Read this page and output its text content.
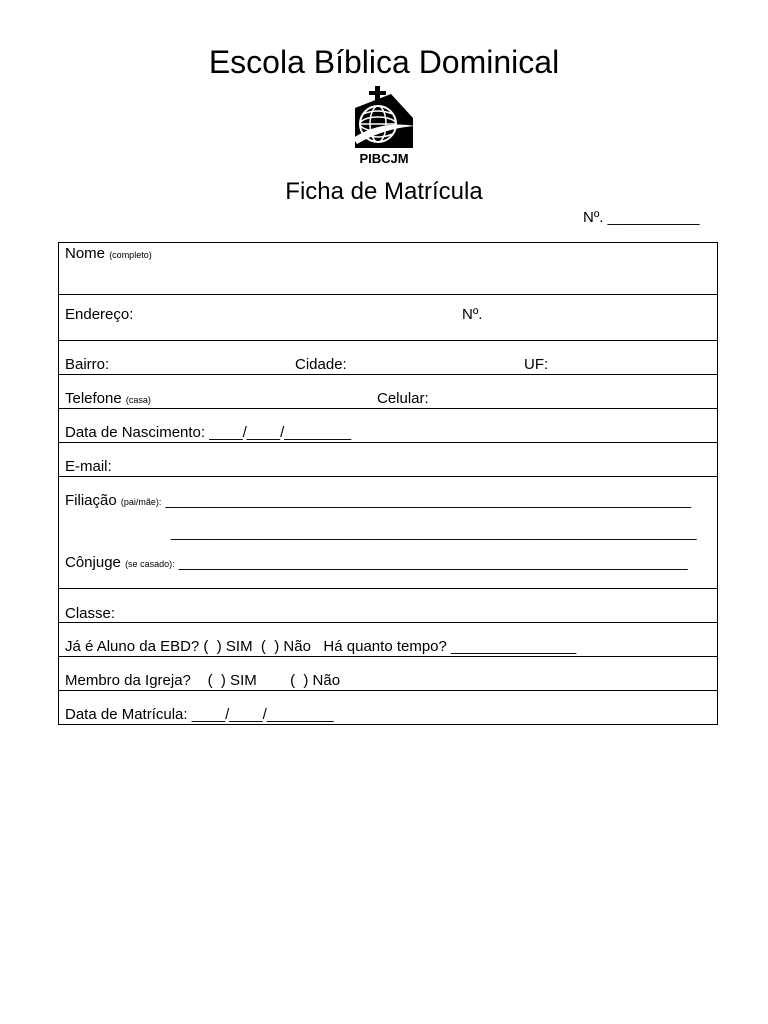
Escola Bíblica Dominical
PIBCJM
Ficha de Matrícula
Nº. ___________
Nome (completo)
Endereço:	Nº.
Bairro:	Cidade:	UF:
Telefone (casa)	Celular:
Data de Nascimento: ____/____/________
E-mail:
Filiação (pai/mãe): _______________________________________________________________
_______________________________________________________________
Cônjuge (se casado): _____________________________________________________________
Classe:
Já é Aluno da EBD? (  ) SIM  (  ) Não   Há quanto tempo? _______________
Membro da Igreja?    (  ) SIM        (  ) Não
Data de Matrícula: ____/____/________
